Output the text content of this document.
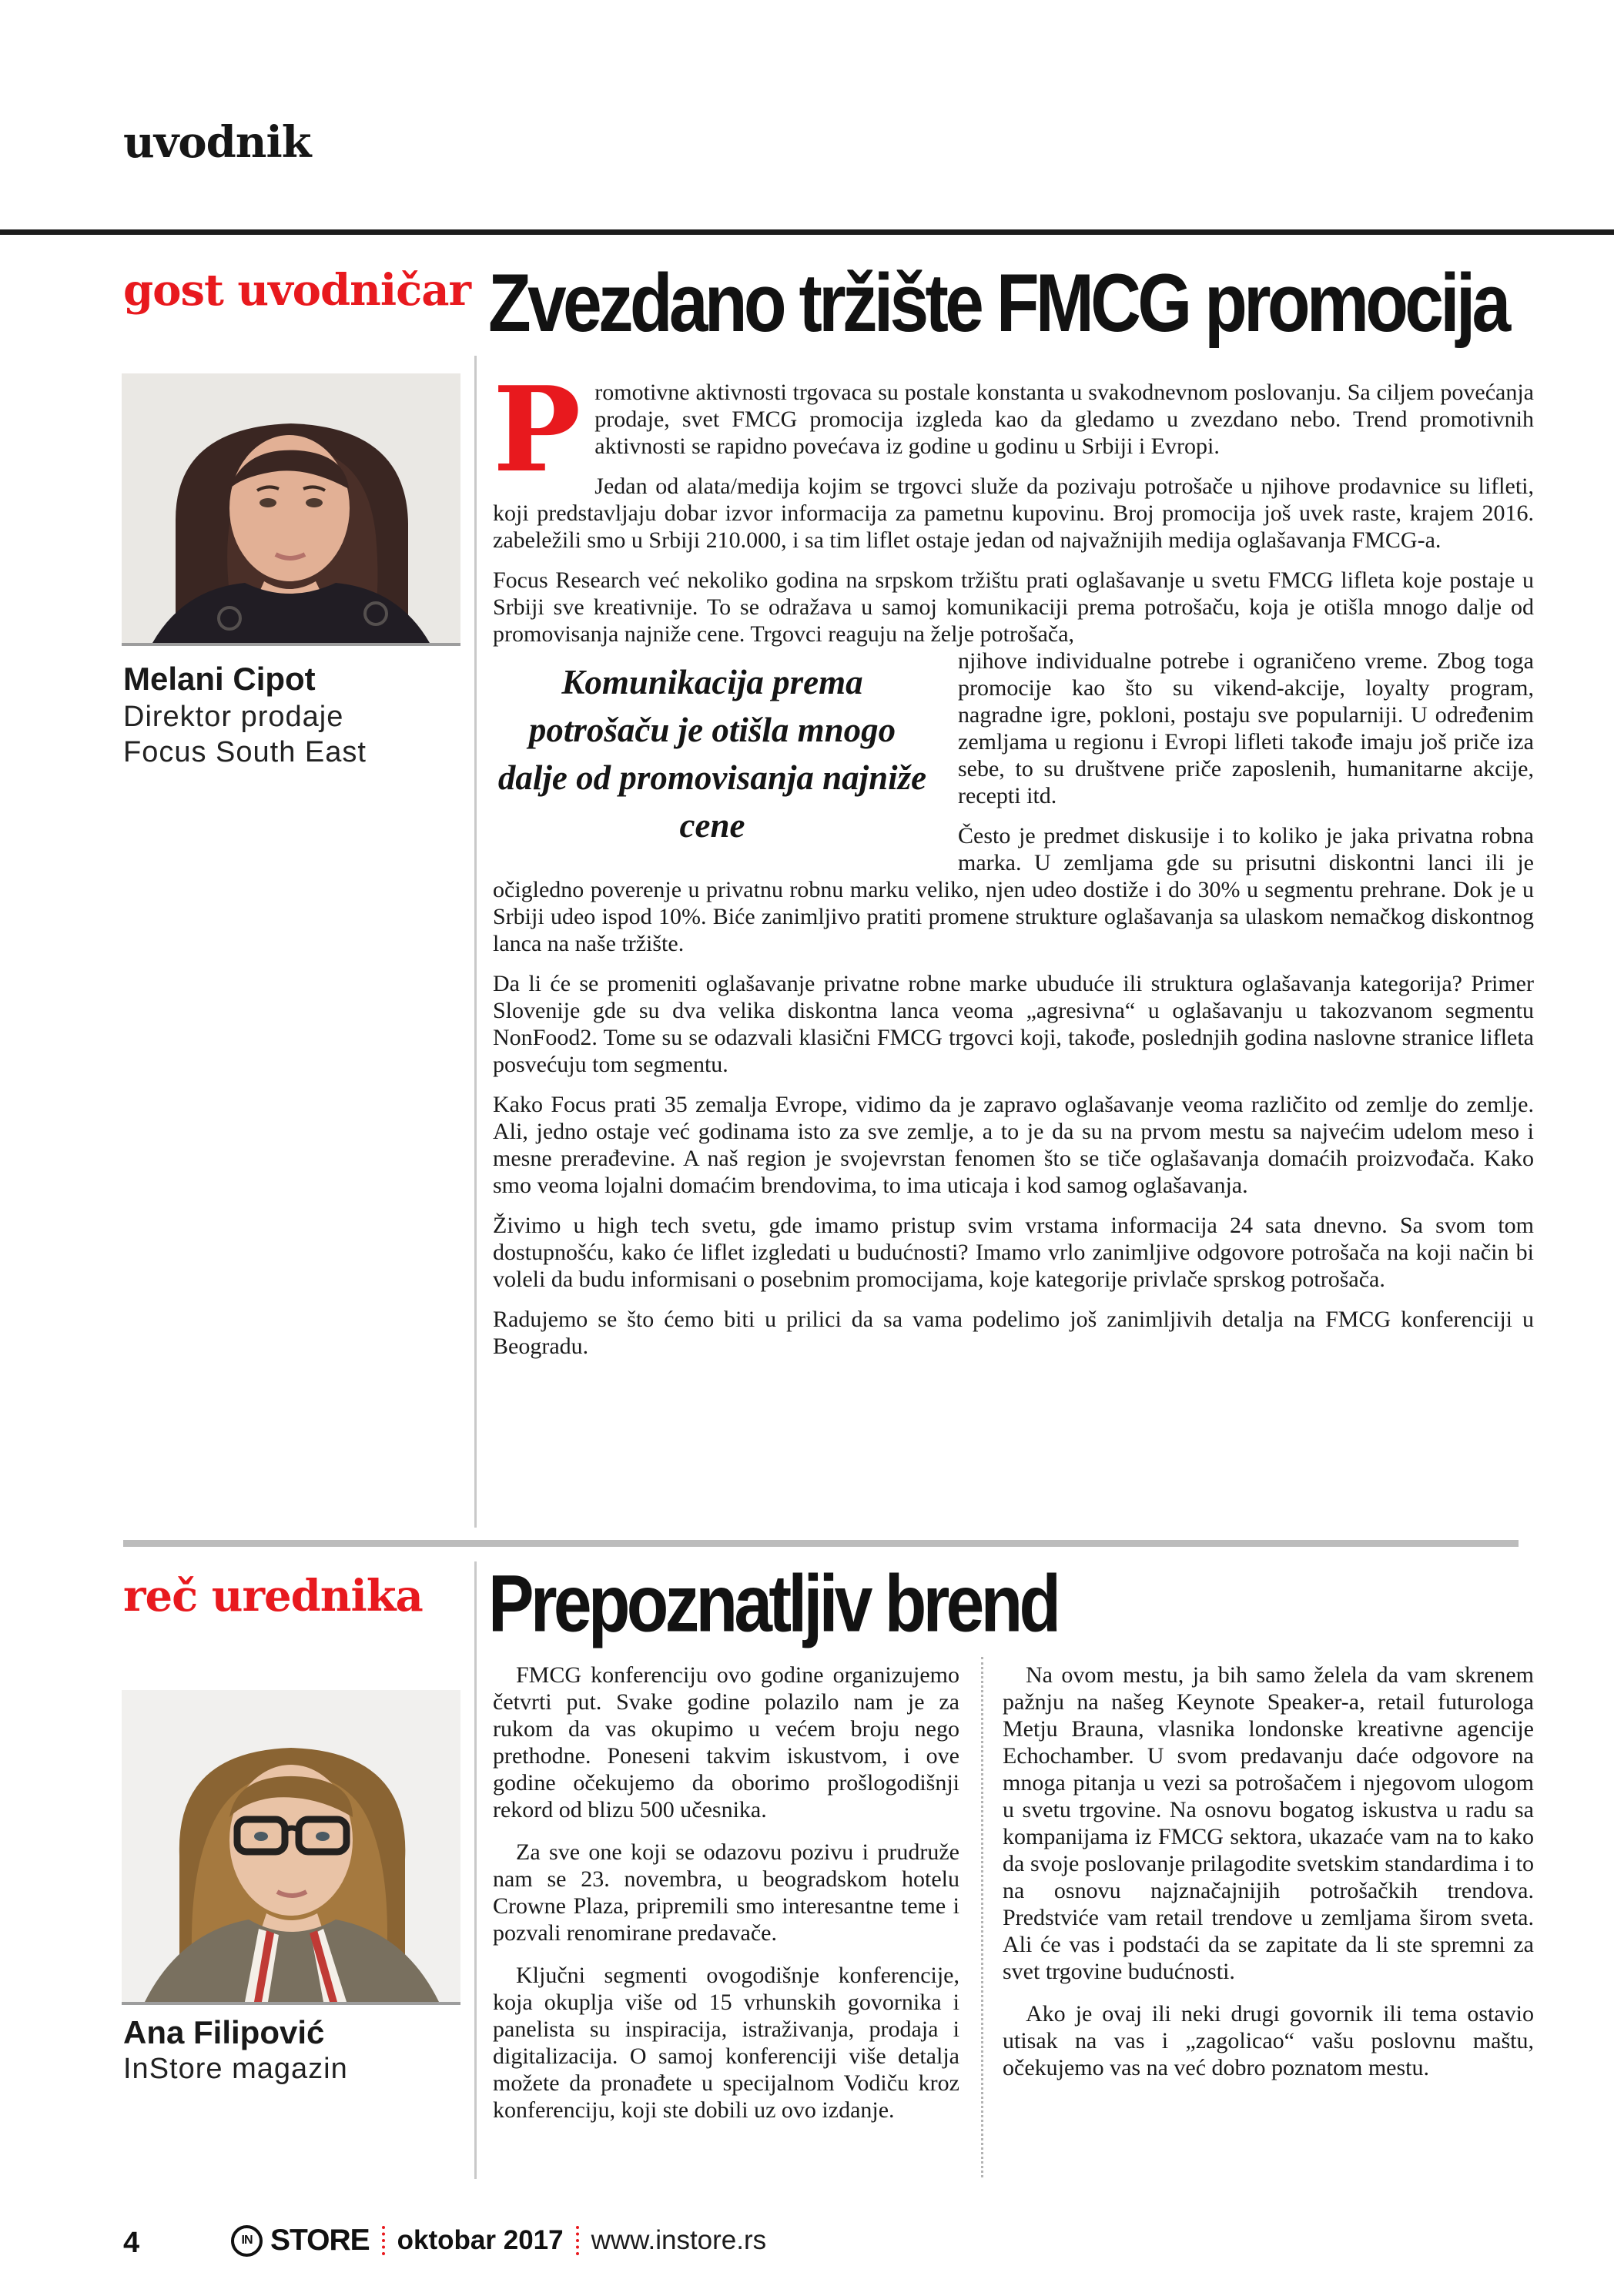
uvodnik
gost uvodničar Zvezdano tržište FMCG promocija
Melani Cipot
Direktor prodaje
Focus South East

Promotivne aktivnosti trgovaca su postale konstanta u svakodnevnom poslovanju. Sa ciljem povećanja prodaje, svet FMCG promocija izgleda kao da gledamo u zvezdano nebo. Trend promotivnih aktivnosti se rapidno povećava iz godine u godinu u Srbiji i Evropi.

Jedan od alata/medija kojim se trgovci služe da pozivaju potrošače u njihove prodavnice su lifleti, koji predstavljaju dobar izvor informacija za pametnu kupovinu. Broj promocija još uvek raste, krajem 2016. zabeležili smo u Srbiji 210.000, i sa tim liflet ostaje jedan od najvažnijih medija oglašavanja FMCG-a.

Focus Research već nekoliko godina na srpskom tržištu prati oglašavanje u svetu FMCG lifleta koje postaje u Srbiji sve kreativnije. To se odražava u samoj komunikaciji prema potrošaču, koja je otišla mnogo dalje od promovisanja najniže cene. Trgovci reaguju na želje potrošača,

Komunikacija prema potrošaču je otišla mnogo dalje od promovisanja najniže cene

njihove individualne potrebe i ograničeno vreme. Zbog toga promocije kao što su vikend-akcije, loyalty program, nagradne igre, pokloni, postaju sve popularniji. U određenim zemljama u regionu i Evropi lifleti takođe imaju još priče iza sebe, to su društvene priče zaposlenih, humanitarne akcije, recepti itd.

Često je predmet diskusije i to koliko je jaka privatna robna marka. U zemljama gde su prisutni diskontni lanci ili je očigledno poverenje u privatnu robnu marku veliko, njen udeo dostiže i do 30% u segmentu prehrane. Dok je u Srbiji udeo ispod 10%. Biće zanimljivo pratiti promene strukture oglašavanja sa ulaskom nemačkog diskontnog lanca na naše tržište.

Da li će se promeniti oglašavanje privatne robne marke ubuduće ili struktura oglašavanja kategorija? Primer Slovenije gde su dva velika diskontna lanca veoma „agresivna“ u oglašavanju u takozvanom segmentu NonFood2. Tome su se odazvali klasični FMCG trgovci koji, takođe, poslednjih godina naslovne stranice lifleta posvećuju tom segmentu.

Kako Focus prati 35 zemalja Evrope, vidimo da je zapravo oglašavanje veoma različito od zemlje do zemlje. Ali, jedno ostaje već godinama isto za sve zemlje, a to je da su na prvom mestu sa najvećim udelom meso i mesne prerađevine. A naš region je svojevrstan fenomen što se tiče oglašavanja domaćih proizvođača. Kako smo veoma lojalni domaćim brendovima, to ima uticaja i kod samog oglašavanja.

Živimo u high tech svetu, gde imamo pristup svim vrstama informacija 24 sata dnevno. Sa svom tom dostupnošću, kako će liflet izgledati u budućnosti? Imamo vrlo zanimljive odgovore potrošača na koji način bi voleli da budu informisani o posebnim promocijama, koje kategorije privlače sprskog potrošača.

Radujemo se što ćemo biti u prilici da sa vama podelimo još zanimljivih detalja na FMCG konferenciji u Beogradu.

reč urednika Prepoznatljiv brend
Ana Filipović
InStore magazin

FMCG konferenciju ovo godine organizujemo četvrti put. Svake godine polazilo nam je za rukom da vas okupimo u većem broju nego prethodne. Poneseni takvim iskustvom, i ove godine očekujemo da oborimo prošlogodišnji rekord od blizu 500 učesnika.

Za sve one koji se odazovu pozivu i prudruže nam se 23. novembra, u beogradskom hotelu Crowne Plaza, pripremili smo interesantne teme i pozvali renomirane predavače.

Ključni segmenti ovogodišnje konferencije, koja okuplja više od 15 vrhunskih govornika i panelista su inspiracija, istraživanja, prodaja i digitalizacija. O samoj konferenciji više detalja možete da pronađete u specijalnom Vodiču kroz konferenciju, koji ste dobili uz ovo izdanje.

Na ovom mestu, ja bih samo želela da vam skrenem pažnju na našeg Keynote Speaker-a, retail futurologa Metju Brauna, vlasnika londonske kreativne agencije Echochamber. U svom predavanju daće odgovore na mnoga pitanja u vezi sa potrošačem i njegovom ulogom u svetu trgovine. Na osnovu bogatog iskustva u radu sa kompanijama iz FMCG sektora, ukazaće vam na to kako da svoje poslovanje prilagodite svetskim standardima i to na osnovu najznačajnijih potrošačkih trendova. Predstviće vam retail trendove u zemljama širom sveta. Ali će vas i podstaći da se zapitate da li ste spremni za svet trgovine budućnosti.

Ako je ovaj ili neki drugi govornik ili tema ostavio utisak na vas i „zagolicao“ vašu poslovnu maštu, očekujemo vas na već dobro poznatom mestu.

4	IN STORE oktobar 2017 www.instore.rs
